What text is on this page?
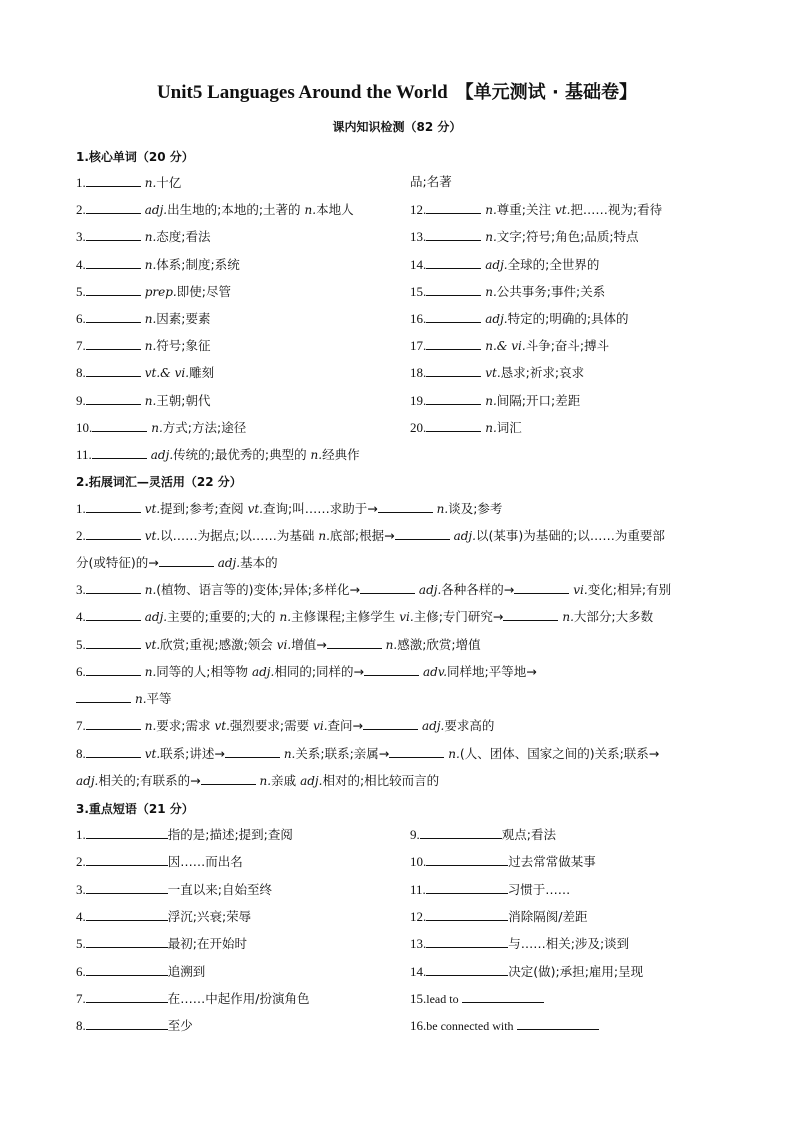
Unit5 Languages Around the World 【单元测试 · 基础卷】
课内知识检测（82 分）
1.核心单词（20 分）
1.	n.十亿
2.	adj.出生地的;本地的;土著的 n.本地人
3.	n.态度;看法
4.	n.体系;制度;系统
5.	prep.即使;尽管
6.	n.因素;要素
7.	n.符号;象征
8.	vt.& vi.雕刻
9.	n.王朝;朝代
10.	n.方式;方法;途径
11.	adj.传统的;最优秀的;典型的 n.经典作
品;名著
12.	n.尊重;关注 vt.把……视为;看待
13.	n.文字;符号;角色;品质;特点
14.	adj.全球的;全世界的
15.	n.公共事务;事件;关系
16.	adj.特定的;明确的;具体的
17.	n.& vi.斗争;奋斗;搏斗
18.	vt.恳求;祈求;哀求
19.	n.间隔;开口;差距
20.	n.词汇
2.拓展词汇—灵活用（22 分）
1.	vt.提到;参考;查阅 vt.查询;叫……求助于→	n.谈及;参考
2.	vt.以……为据点;以……为基础 n.底部;根据→	adj.以(某事)为基础的;以……为重要部
分(或特征)的→	adj.基本的
3.	n.(植物、语言等的)变体;异体;多样化→	adj.各种各样的→	vi.变化;相异;有别
4.	adj.主要的;重要的;大的 n.主修课程;主修学生 vi.主修;专门研究→	n.大部分;大多数
5.	vt.欣赏;重视;感激;领会 vi.增值→	n.感激;欣赏;增值
6.	n.同等的人;相等物 adj.相同的;同样的→	adv.同样地;平等地→
n.平等
7.	n.要求;需求 vt.强烈要求;需要 vi.查问→	adj.要求高的
8.	vt.联系;讲述→	n.关系;联系;亲属→	n.(人、团体、国家之间的)关系;联系→
adj.相关的;有联系的→	n.亲戚 adj.相对的;相比较而言的
3.重点短语（21 分）
1.	指的是;描述;提到;查阅
2.	因……而出名
3.	一直以来;自始至终
4.	浮沉;兴衰;荣辱
5.	最初;在开始时
6.	追溯到
7.	在……中起作用/扮演角色
8.	至少
9.	观点;看法
10.	过去常常做某事
11.	习惯于……
12.	消除隔阂/差距
13.	与……相关;涉及;谈到
14.	决定(做);承担;雇用;呈现
15.lead to
16.be connected with
